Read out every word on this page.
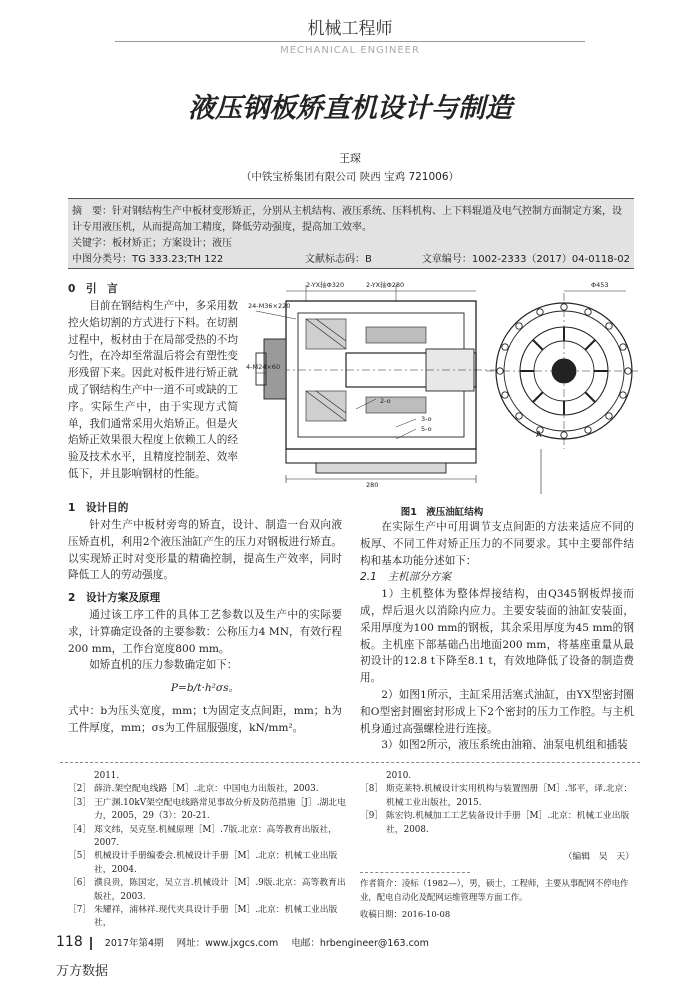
机械工程师
MECHANICAL ENGINEER
液压钢板矫直机设计与制造
王琛
（中铁宝桥集团有限公司 陕西 宝鸡 721006）
摘　要：针对钢结构生产中板材变形矫正，分别从主机结构、液压系统、压料机构、上下料辊道及电气控制方面制定方案，设计专用液压机，从而提高加工精度，降低劳动强度，提高加工效率。
关键字：板材矫正；方案设计；液压
中图分类号：TG 333.23;TH 122	文献标志码：B	文章编号：1002-2333（2017）04-0118-02
0　引　言

目前在钢结构生产中，多采用数控火焰切割的方式进行下料。在切割过程中，板材由于在局部受热的不均匀性，在冷却至常温后将会有塑性变形残留下来。因此对板件进行矫正就成了钢结构生产中一道不可或缺的工序。实际生产中，由于实现方式简单，我们通常采用火焰矫正。但是火焰矫正效果很大程度上依赖工人的经验及技术水平，且精度控制差、效率低下，并且影响钢材的性能。

2-YX轴Φ320	2-YX轴Φ280
24-M36×220
4-M24×60
280
5-o
3-o
2-o
Φ453
A
图1　液压油缸结构
1　设计目的

针对生产中板材旁弯的矫直，设计、制造一台双向液压矫直机，利用2个液压油缸产生的压力对钢板进行矫直。以实现矫正时对变形量的精确控制，提高生产效率，同时降低工人的劳动强度。

2　设计方案及原理

通过该工序工件的具体工艺参数以及生产中的实际要求，计算确定设备的主要参数：公称压力4 MN，有效行程200 mm，工作台宽度800 mm。

如矫直机的压力参数确定如下：

P=b/t·h²σs。

式中：b为压头宽度，mm；t为固定支点间距，mm；h为工件厚度，mm；σs为工件屈服强度，kN/mm²。

在实际生产中可用调节支点间距的方法来适应不同的板厚、不同工件对矫正压力的不同要求。其中主要部件结构和基本功能分述如下：

2.1　主机部分方案

1）主机整体为整体焊接结构，由Q345钢板焊接而成，焊后退火以消除内应力。主要安装面的油缸安装面，采用厚度为100 mm的钢板，其余采用厚度为45 mm的钢板。主机座下部基础凸出地面200 mm，将基座重量从最初设计的12.8 t下降至8.1 t，有效地降低了设备的制造费用。

2）如图1所示，主缸采用活塞式油缸，由YX型密封圈和O型密封圈密封形成上下2个密封的压力工作腔。与主机机身通过高强螺栓进行连接。

3）如图2所示，液压系统由油箱、油泵电机组和插装

2011.
［2］ 薛浒.架空配电线路［M］.北京：中国电力出版社，2003.
［3］ 王广渊.10kV架空配电线路常见事故分析及防范措施［J］.湖北电力，2005，29（3）：20-21.
［4］ 郑文纬，吴克坚.机械原理［M］.7版.北京：高等教育出版社，2007.
［5］ 机械设计手册编委会.机械设计手册［M］.北京：机械工业出版社，2004.
［6］ 濮良贵，陈国定，吴立言.机械设计［M］.9版.北京：高等教育出版社，2003.
［7］ 朱耀祥，浦林祥.现代夹具设计手册［M］.北京：机械工业出版社，
2010.
［8］ 斯克莱特.机械设计实用机构与装置图册［M］.邹平，译.北京：机械工业出版社，2015.
［9］ 陈宏钧.机械加工工艺装备设计手册［M］.北京：机械工业出版社，2008.
（编辑　吴　天）
作者简介：凌标（1982—），男，硕士，工程师，主要从事配网不停电作业，配电自动化及配网运维管理等方面工作。
收稿日期：2016-10-08
118 2017年第4期 网址：www.jxgcs.com 电邮：hrbengineer@163.com
万方数据
